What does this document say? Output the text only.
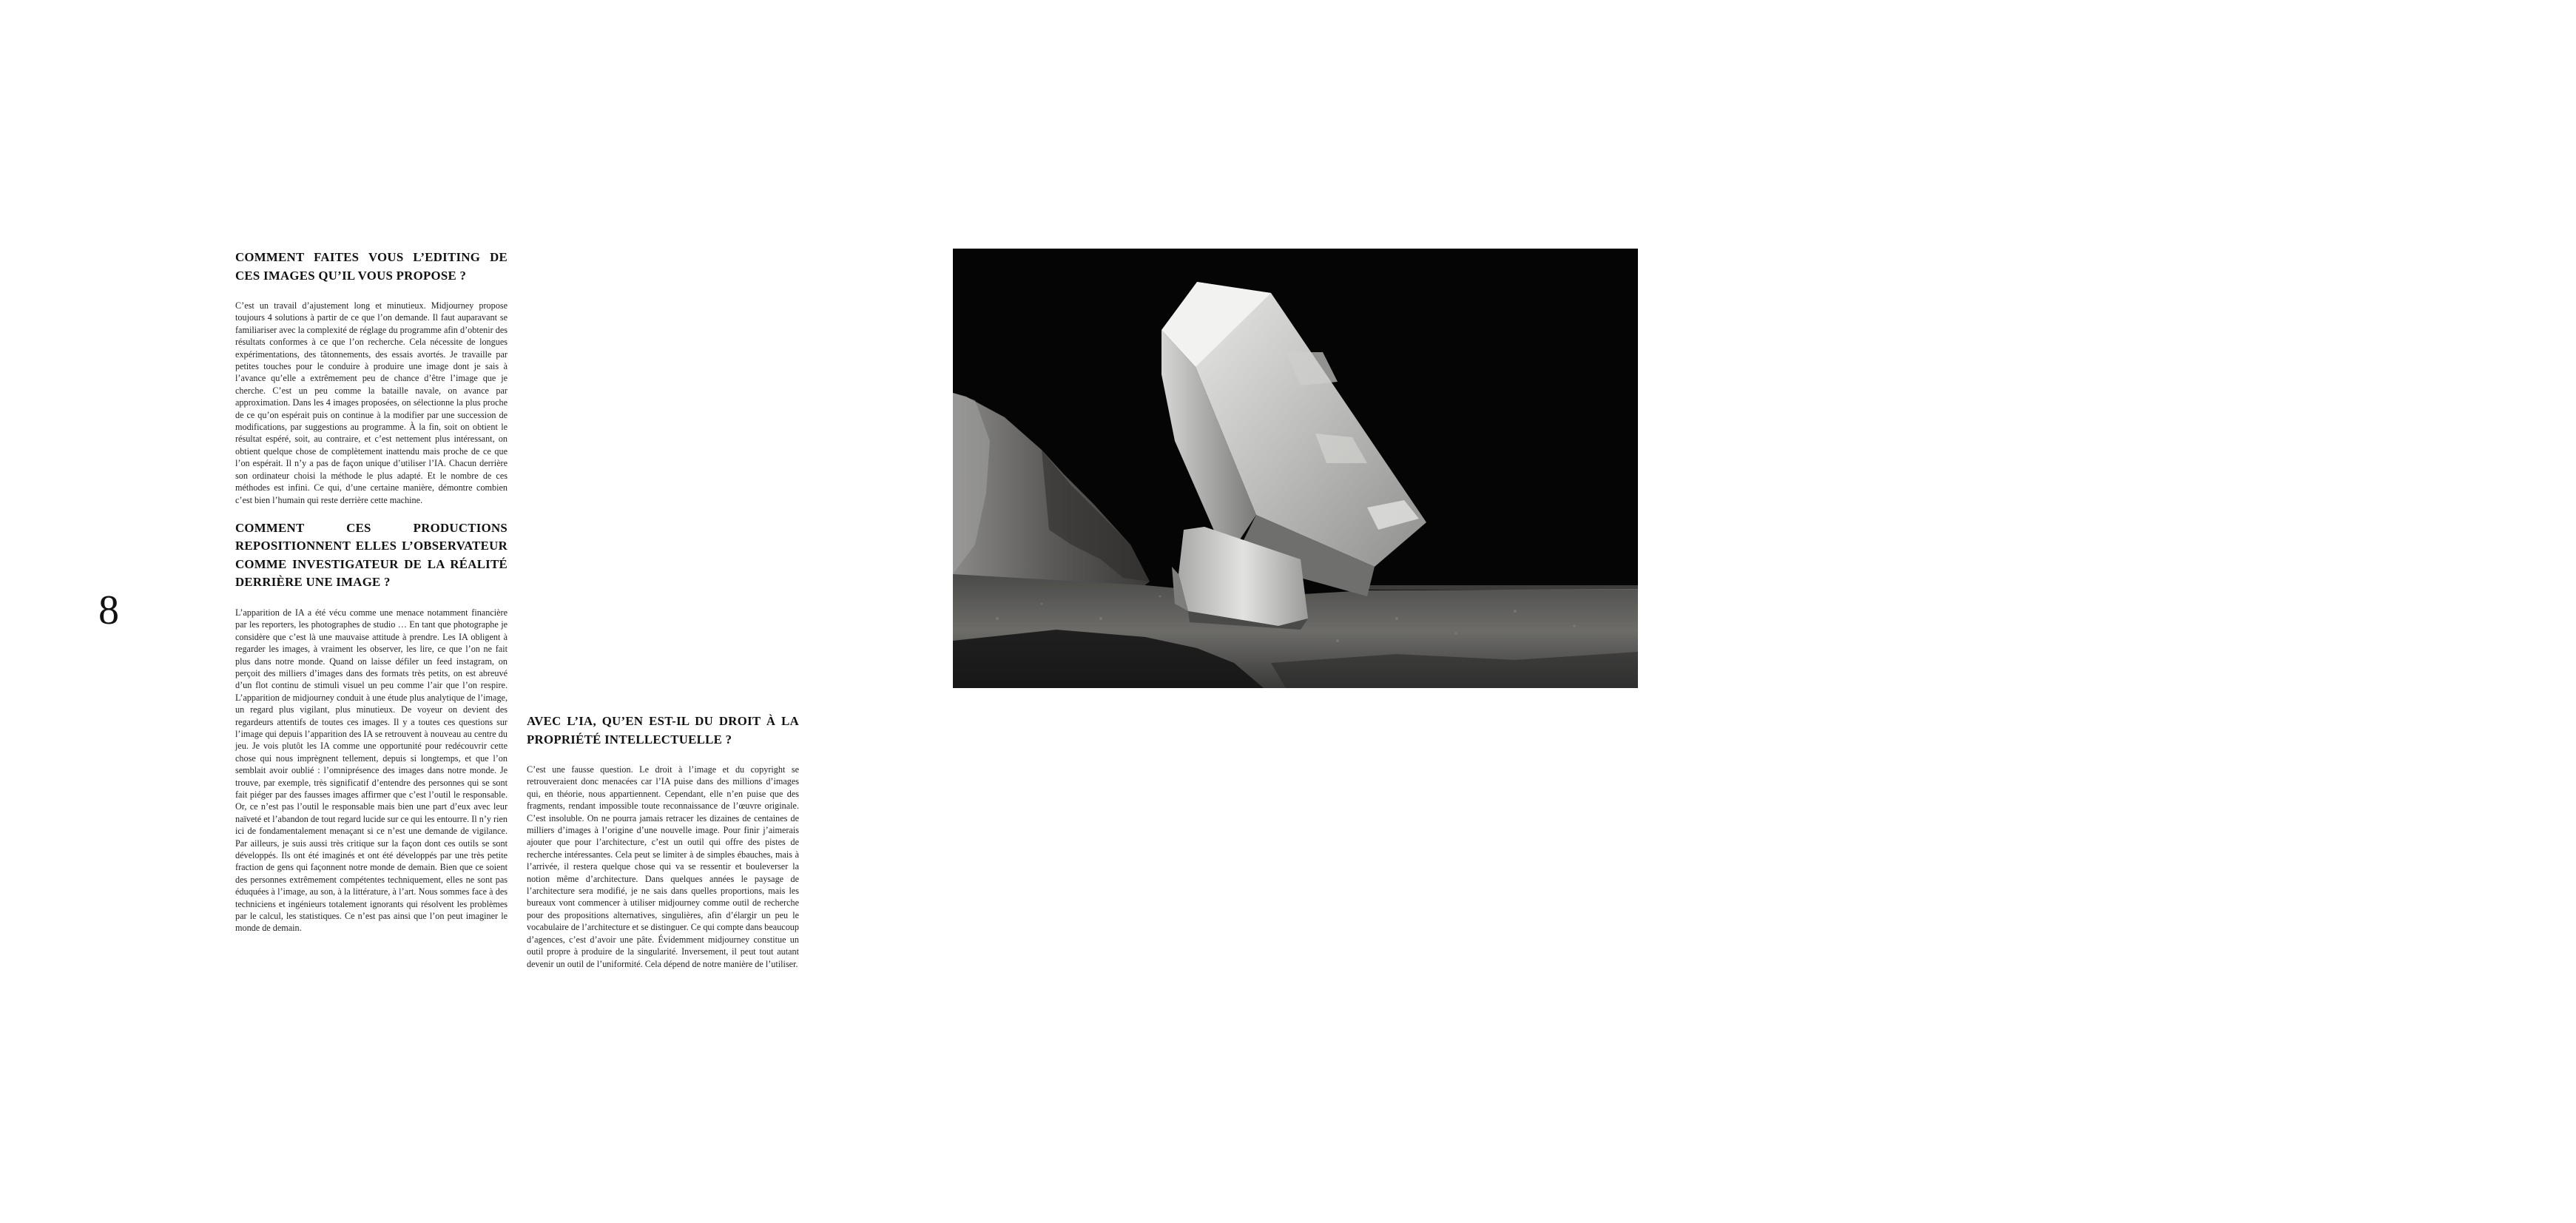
8
COMMENT FAITES VOUS L’EDITING DE CES IMAGES QU’IL VOUS PROPOSE ?

C’est un travail d’ajustement long et minutieux. Midjourney propose toujours 4 solutions à partir de ce que l’on demande. Il faut auparavant se familiariser avec la complexité de réglage du programme afin d’obtenir des résultats conformes à ce que l’on recherche. Cela nécessite de longues expérimentations, des tâtonnements, des essais avortés. Je travaille par petites touches pour le conduire à produire une image dont je sais à l’avance qu’elle a extrêmement peu de chance d’être l’image que je cherche. C’est un peu comme la bataille navale, on avance par approximation. Dans les 4 images proposées, on sélectionne la plus proche de ce qu’on espérait puis on continue à la modifier par une succession de modifications, par suggestions au programme. À la fin, soit on obtient le résultat espéré, soit, au contraire, et c’est nettement plus intéressant, on obtient quelque chose de complètement inattendu mais proche de ce que l’on espérait. Il n’y a pas de façon unique d’utiliser l’IA. Chacun derrière son ordinateur choisi la méthode le plus adapté. Et le nombre de ces méthodes est infini. Ce qui, d’une certaine manière, démontre combien c’est bien l’humain qui reste derrière cette machine.

COMMENT CES PRODUCTIONS REPOSITIONNENT ELLES L’OBSERVATEUR COMME INVESTIGATEUR DE LA RÉALITÉ DERRIÈRE UNE IMAGE ?

L’apparition de IA a été vécu comme une menace notamment financière par les reporters, les photographes de studio … En tant que photographe je considère que c’est là une mauvaise attitude à prendre. Les IA obligent à regarder les images, à vraiment les observer, les lire, ce que l’on ne fait plus dans notre monde. Quand on laisse défiler un feed instagram, on perçoit des milliers d’images dans des formats très petits, on est abreuvé d’un flot continu de stimuli visuel un peu comme l’air que l’on respire. L’apparition de midjourney conduit à une étude plus analytique de l’image, un regard plus vigilant, plus minutieux. De voyeur on devient des regardeurs attentifs de toutes ces images. Il y a toutes ces questions sur l’image qui depuis l’apparition des IA se retrouvent à nouveau au centre du jeu. Je vois plutôt les IA comme une opportunité pour redécouvrir cette chose qui nous imprègnent tellement, depuis si longtemps, et que l’on semblait avoir oublié : l’omniprésence des images dans notre monde. Je trouve, par exemple, très significatif d’entendre des personnes qui se sont fait piéger par des fausses images affirmer que c’est l’outil le responsable. Or, ce n’est pas l’outil le responsable mais bien une part d’eux avec leur naïveté et l’abandon de tout regard lucide sur ce qui les entourre. Il n’y rien ici de fondamentalement menaçant si ce n’est une demande de vigilance. Par ailleurs, je suis aussi très critique sur la façon dont ces outils se sont développés. Ils ont été imaginés et ont été développés par une très petite fraction de gens qui façonnent notre monde de demain. Bien que ce soient des personnes extrêmement compétentes techniquement, elles ne sont pas éduquées à l’image, au son, à la littérature, à l’art. Nous sommes face à des techniciens et ingénieurs totalement ignorants qui résolvent les problèmes par le calcul, les statistiques. Ce n’est pas ainsi que l’on peut imaginer le monde de demain.

AVEC L’IA, QU’EN EST-IL DU DROIT À LA PROPRIÉTÉ INTELLECTUELLE ?

C’est une fausse question. Le droit à l’image et du copyright se retrouveraient donc menacées car l’IA puise dans des millions d’images qui, en théorie, nous appartiennent. Cependant, elle n’en puise que des fragments, rendant impossible toute reconnaissance de l’œuvre originale. C’est insoluble. On ne pourra jamais retracer les dizaines de centaines de milliers d’images à l’origine d’une nouvelle image. Pour finir j’aimerais ajouter que pour l’architecture, c’est un outil qui offre des pistes de recherche intéressantes. Cela peut se limiter à de simples ébauches, mais à l’arrivée, il restera quelque chose qui va se ressentir et bouleverser la notion même d’architecture. Dans quelques années le paysage de l’architecture sera modifié, je ne sais dans quelles proportions, mais les bureaux vont commencer à utiliser midjourney comme outil de recherche pour des propositions alternatives, singulières, afin d’élargir un peu le vocabulaire de l’architecture et se distinguer. Ce qui compte dans beaucoup d’agences, c’est d’avoir une pâte. Évidemment midjourney constitue un outil propre à produire de la singularité. Inversement, il peut tout autant devenir un outil de l’uniformité. Cela dépend de notre manière de l’utiliser.

Eric Tabuchi and Nelly Monnier. Sainte-Marguerite-sur-Mer, Pays de Caux, 2017. Courtesy of the artists / Atlas des Régions Naturelles.
